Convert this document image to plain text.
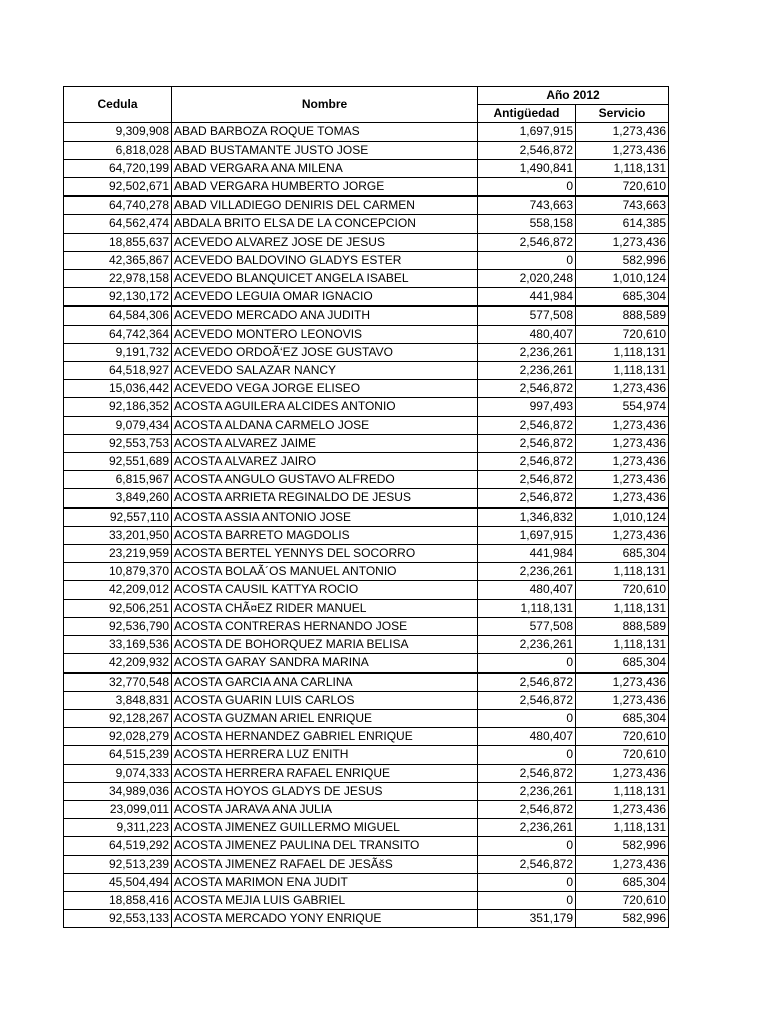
Cedula	Nombre	Año 2012	
		Antigüedad	Servicio
9,309,908	ABAD BARBOZA ROQUE TOMAS	1,697,915	1,273,436
6,818,028	ABAD BUSTAMANTE JUSTO JOSE	2,546,872	1,273,436
64,720,199	ABAD VERGARA ANA MILENA	1,490,841	1,118,131
92,502,671	ABAD VERGARA HUMBERTO JORGE	0	720,610
64,740,278	ABAD VILLADIEGO DENIRIS DEL CARMEN	743,663	743,663
64,562,474	ABDALA BRITO ELSA DE LA CONCEPCION	558,158	614,385
18,855,637	ACEVEDO ALVAREZ JOSE DE JESUS	2,546,872	1,273,436
42,365,867	ACEVEDO BALDOVINO GLADYS ESTER	0	582,996
22,978,158	ACEVEDO BLANQUICET ANGELA ISABEL	2,020,248	1,010,124
92,130,172	ACEVEDO LEGUIA OMAR IGNACIO	441,984	685,304
64,584,306	ACEVEDO MERCADO ANA JUDITH	577,508	888,589
64,742,364	ACEVEDO MONTERO LEONOVIS	480,407	720,610
9,191,732	ACEVEDO ORDOÃ‘EZ JOSE GUSTAVO	2,236,261	1,118,131
64,518,927	ACEVEDO SALAZAR NANCY	2,236,261	1,118,131
15,036,442	ACEVEDO VEGA JORGE ELISEO	2,546,872	1,273,436
92,186,352	ACOSTA AGUILERA ALCIDES ANTONIO	997,493	554,974
9,079,434	ACOSTA ALDANA CARMELO JOSE	2,546,872	1,273,436
92,553,753	ACOSTA ALVAREZ JAIME	2,546,872	1,273,436
92,551,689	ACOSTA ALVAREZ JAIRO	2,546,872	1,273,436
6,815,967	ACOSTA ANGULO GUSTAVO ALFREDO	2,546,872	1,273,436
3,849,260	ACOSTA ARRIETA REGINALDO DE JESUS	2,546,872	1,273,436
92,557,110	ACOSTA ASSIA ANTONIO JOSE	1,346,832	1,010,124
33,201,950	ACOSTA BARRETO MAGDOLIS	1,697,915	1,273,436
23,219,959	ACOSTA BERTEL YENNYS DEL SOCORRO	441,984	685,304
10,879,370	ACOSTA BOLAÃ´OS MANUEL ANTONIO	2,236,261	1,118,131
42,209,012	ACOSTA CAUSIL KATTYA ROCIO	480,407	720,610
92,506,251	ACOSTA CHÃ¤EZ RIDER MANUEL	1,118,131	1,118,131
92,536,790	ACOSTA CONTRERAS HERNANDO JOSE	577,508	888,589
33,169,536	ACOSTA DE BOHORQUEZ MARIA BELISA	2,236,261	1,118,131
42,209,932	ACOSTA GARAY SANDRA MARINA	0	685,304
32,770,548	ACOSTA GARCIA ANA CARLINA	2,546,872	1,273,436
3,848,831	ACOSTA GUARIN LUIS CARLOS	2,546,872	1,273,436
92,128,267	ACOSTA GUZMAN ARIEL ENRIQUE	0	685,304
92,028,279	ACOSTA HERNANDEZ GABRIEL ENRIQUE	480,407	720,610
64,515,239	ACOSTA HERRERA LUZ ENITH	0	720,610
9,074,333	ACOSTA HERRERA RAFAEL ENRIQUE	2,546,872	1,273,436
34,989,036	ACOSTA HOYOS GLADYS DE JESUS	2,236,261	1,118,131
23,099,011	ACOSTA JARAVA ANA JULIA	2,546,872	1,273,436
9,311,223	ACOSTA JIMENEZ GUILLERMO MIGUEL	2,236,261	1,118,131
64,519,292	ACOSTA JIMENEZ PAULINA DEL TRANSITO	0	582,996
92,513,239	ACOSTA JIMENEZ RAFAEL DE JESÃšS	2,546,872	1,273,436
45,504,494	ACOSTA MARIMON ENA JUDIT	0	685,304
18,858,416	ACOSTA MEJIA LUIS GABRIEL	0	720,610
92,553,133	ACOSTA MERCADO YONY ENRIQUE	351,179	582,996
